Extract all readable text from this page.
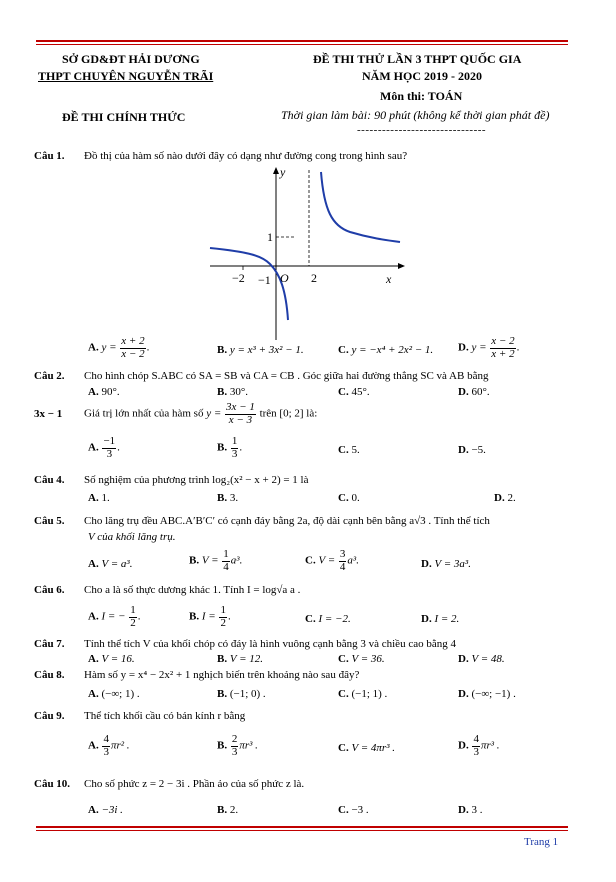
SỞ GD&ĐT HẢI DƯƠNG
THPT CHUYÊN NGUYỄN TRÃI
ĐỀ THI CHÍNH THỨC
ĐỀ THI THỬ LẦN 3 THPT QUỐC GIA
NĂM HỌC 2019 - 2020
Môn thi: TOÁN
Thời gian làm bài: 90 phút (không kể thời gian phát đề)
-------------------------------
Câu 1. Đồ thị của hàm số nào dưới đây có dạng như đường cong trong hình sau?
y
x
O
−2	2
1
−1
A. $y = \frac{x + 2}{x - 2}$ .	B. y = x³ + 3x² − 1.	C. y = −x⁴ + 2x² − 1. D. $y = \frac{x - 2}{x + 2}$ .
Câu 2. Cho hình chóp S.ABC có SA = SB và CA = CB . Góc giữa hai đường thẳng SC và AB bằng
A. 90°.	B. 30°.	C. 45°.	D. 60°.
3x − 1 Giá trị lớn nhất của hàm số $y = \frac{3x - 1}{x - 3}$ trên [0; 2] là:
A. $\frac{-1}{3}$ .	B. $\frac{1}{3}$ .	C. 5.	D. −5.
Câu 4. Số nghiệm của phương trình log₂(x² − x + 2) = 1 là
A. 1.	B. 3.	C. 0.	D. 2.
Câu 5. Cho lăng trụ đều ABC.A′B′C′ có cạnh đáy bằng 2a, độ dài cạnh bên bằng a√3 . Tính thể tích
V của khối lăng trụ.
A. V = a³.	B. $V = \frac{1}{4} a^3$.	C. $V = \frac{3}{4} a^3$.	D. V = 3a³.
Câu 6. Cho a là số thực dương khác 1. Tính I = log√a a .
A. I = − $\frac{1}{2}$ .	B. $I = \frac{1}{2}$ .	C. I = −2.	D. I = 2.
Câu 7. Tính thể tích V của khối chóp có đáy là hình vuông cạnh bằng 3 và chiều cao bằng 4
A. V = 16.	B. V = 12.	C. V = 36.	D. V = 48.
Câu 8. Hàm số y = x⁴ − 2x² + 1 nghịch biến trên khoảng nào sau đây?
A. (−∞; 1) .	B. (−1; 0) .	C. (−1; 1) .	D. (−∞; −1) .
Câu 9. Thể tích khối cầu có bán kính r bằng
A. $\frac{4}{3} \pi r^2$ .	B. $\frac{2}{3} \pi r^3$ .	C. V = 4πr³ .	D. $\frac{4}{3} \pi r^3$ .
Câu 10. Cho số phức z = 2 − 3i . Phần ảo của số phức z là.
A. −3i .	B. 2.	C. −3 .	D. 3 .
Trang 1
